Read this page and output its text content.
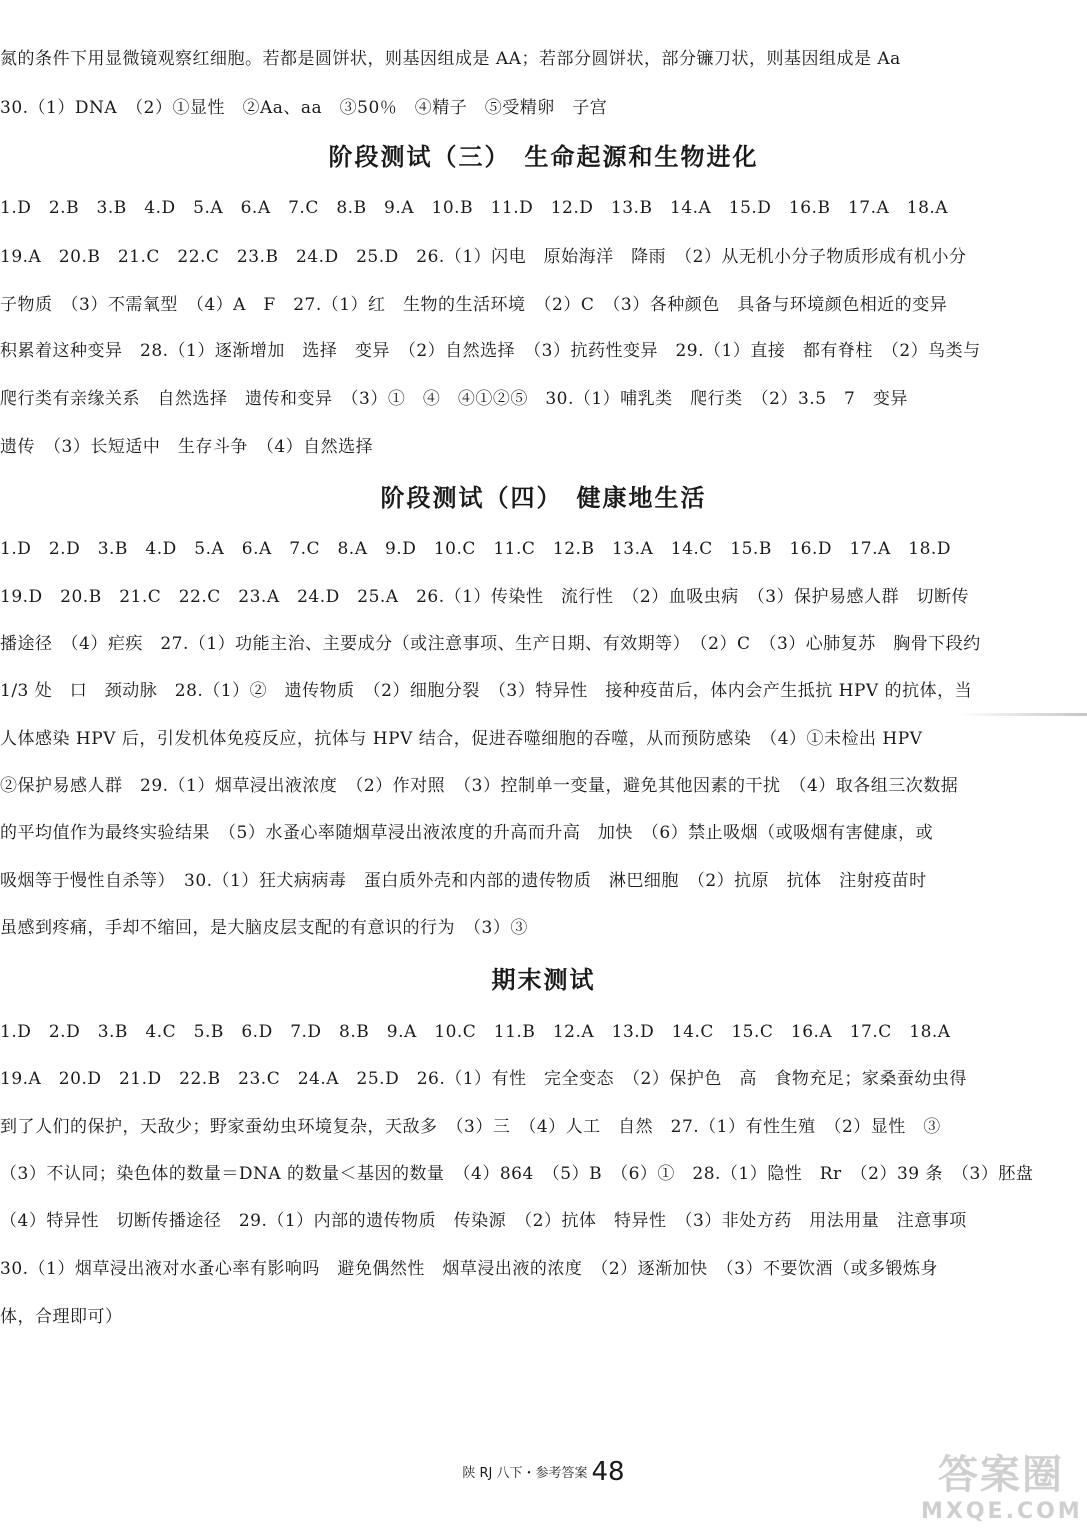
氮的条件下用显微镜观察红细胞。若都是圆饼状，则基因组成是 AA；若部分圆饼状，部分镰刀状，则基因组成是 Aa
30.（1）DNA　（2）①显性　②Aa、aa　③50％　④精子　⑤受精卵　子宫
阶段测试（三）　生命起源和生物进化
1.D　2.B　3.B　4.D　5.A　6.A　7.C　8.B　9.A　10.B　11.D　12.D　13.B　14.A　15.D　16.B　17.A　18.A
19.A　20.B　21.C　22.C　23.B　24.D　25.D　26.（1）闪电　原始海洋　降雨　（2）从无机小分子物质形成有机小分
子物质　（3）不需氧型　（4）A　F　27.（1）红　生物的生活环境　（2）C　（3）各种颜色　具备与环境颜色相近的变异
积累着这种变异　28.（1）逐渐增加　选择　变异　（2）自然选择　（3）抗药性变异　29.（1）直接　都有脊柱　（2）鸟类与
爬行类有亲缘关系　自然选择　遗传和变异　（3）①　④　④①②⑤　30.（1）哺乳类　爬行类　（2）3.5　7　变异
遗传　（3）长短适中　生存斗争　（4）自然选择
阶段测试（四）　健康地生活
1.D　2.D　3.B　4.D　5.A　6.A　7.C　8.A　9.D　10.C　11.C　12.B　13.A　14.C　15.B　16.D　17.A　18.D
19.D　20.B　21.C　22.C　23.A　24.D　25.A　26.（1）传染性　流行性　（2）血吸虫病　（3）保护易感人群　切断传
播途径　（4）疟疾　27.（1）功能主治、主要成分（或注意事项、生产日期、有效期等）　（2）C　（3）心肺复苏　胸骨下段约
1/3 处　口　颈动脉　28.（1）②　遗传物质　（2）细胞分裂　（3）特异性　接种疫苗后，体内会产生抵抗 HPV 的抗体，当
人体感染 HPV 后，引发机体免疫反应，抗体与 HPV 结合，促进吞噬细胞的吞噬，从而预防感染　（4）①未检出 HPV
②保护易感人群　29.（1）烟草浸出液浓度　（2）作对照　（3）控制单一变量，避免其他因素的干扰　（4）取各组三次数据
的平均值作为最终实验结果　（5）水蚤心率随烟草浸出液浓度的升高而升高　加快　（6）禁止吸烟（或吸烟有害健康，或
吸烟等于慢性自杀等）　30.（1）狂犬病病毒　蛋白质外壳和内部的遗传物质　淋巴细胞　（2）抗原　抗体　注射疫苗时
虽感到疼痛，手却不缩回，是大脑皮层支配的有意识的行为　（3）③
期末测试
1.D　2.D　3.B　4.C　5.B　6.D　7.D　8.B　9.A　10.C　11.B　12.A　13.D　14.C　15.C　16.A　17.C　18.A
19.A　20.D　21.D　22.B　23.C　24.A　25.D　26.（1）有性　完全变态　（2）保护色　高　食物充足；家桑蚕幼虫得
到了人们的保护，天敌少；野家蚕幼虫环境复杂，天敌多　（3）三　（4）人工　自然　27.（1）有性生殖　（2）显性　③
（3）不认同；染色体的数量＝DNA 的数量＜基因的数量　（4）864　（5）B　（6）①　28.（1）隐性　Rr　（2）39 条　（3）胚盘
（4）特异性　切断传播途径　29.（1）内部的遗传物质　传染源　（2）抗体　特异性　（3）非处方药　用法用量　注意事项
30.（1）烟草浸出液对水蚤心率有影响吗　避免偶然性　烟草浸出液的浓度　（2）逐渐加快　（3）不要饮酒（或多锻炼身
体，合理即可）
陕 RJ 八下・参考答案 48	答案圈
MXQE.COM
